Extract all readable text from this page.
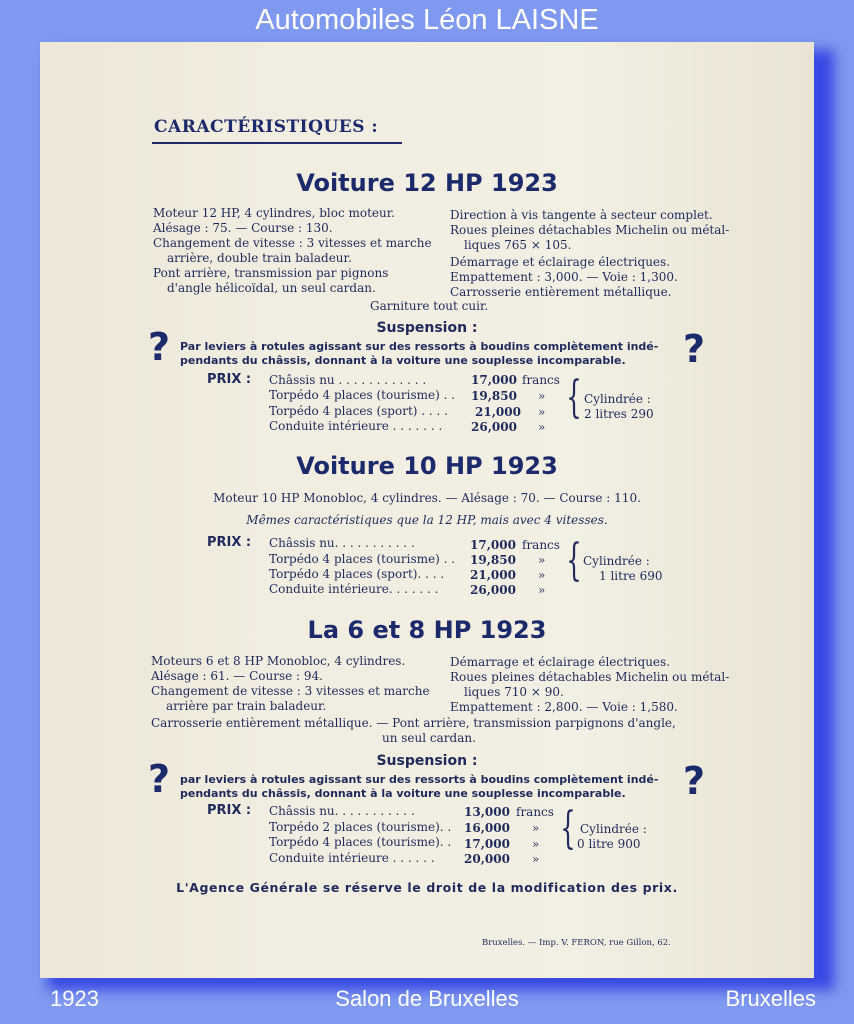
Automobiles Léon LAISNE
CARACTÉRISTIQUES :
Voiture 12 HP 1923
Moteur 12 HP, 4 cylindres, bloc moteur.
Alésage : 75. — Course : 130.
Changement de vitesse : 3 vitesses et marche
arrière, double train baladeur.
Pont arrière, transmission par pignons
d'angle hélicoïdal, un seul cardan.
Direction à vis tangente à secteur complet.
Roues pleines détachables Michelin ou métal-
liques 765 × 105.
Démarrage et éclairage électriques.
Empattement : 3,000. — Voie : 1,300.
Carrosserie entièrement métallique.
Garniture tout cuir.
Suspension :
? Par leviers à rotules agissant sur des ressorts à boudins complètement indé-
pendants du châssis, donnant à la voiture une souplesse incomparable. ?
PRIX : Châssis nu . . . . . . . . . . . .	17,000 francs
Torpédo 4 places (tourisme) . . 19,850 »
Torpédo 4 places (sport) . . . . 21,000 »
Conduite intérieure . . . . . . . 26,000 »
{ Cylindrée :
2 litres 290
Voiture 10 HP 1923
Moteur 10 HP Monobloc, 4 cylindres. — Alésage : 70. — Course : 110.
Mêmes caractéristiques que la 12 HP, mais avec 4 vitesses.
PRIX : Châssis nu. . . . . . . . . . .	17,000 francs
Torpédo 4 places (tourisme) . . 19,850 »
Torpédo 4 places (sport). . . . 21,000 »
Conduite intérieure. . . . . . .	26,000 »
{ Cylindrée :
1 litre 690
La 6 et 8 HP 1923
Moteurs 6 et 8 HP Monobloc, 4 cylindres.
Alésage : 61. — Course : 94.
Changement de vitesse : 3 vitesses et marche
arrière par train baladeur.
Démarrage et éclairage électriques.
Roues pleines détachables Michelin ou métal-
liques 710 × 90.
Empattement : 2,800. — Voie : 1,580.
Carrosserie entièrement métallique. — Pont arrière, transmission parpignons d'angle,
un seul cardan.
Suspension :
? par leviers à rotules agissant sur des ressorts à boudins complètement indé-
pendants du châssis, donnant à la voiture une souplesse incomparable. ?
PRIX : Châssis nu. . . . . . . . . . .	13,000 francs
Torpédo 2 places (tourisme). . 16,000 »
Torpédo 4 places (tourisme). . 17,000 »
Conduite intérieure . . . . . . 20,000 »
{ Cylindrée :
0 litre 900
L'Agence Générale se réserve le droit de la modification des prix.
Bruxelles. — Imp. V. FERON, rue Gillon, 62.
1923	Salon de Bruxelles	Bruxelles
